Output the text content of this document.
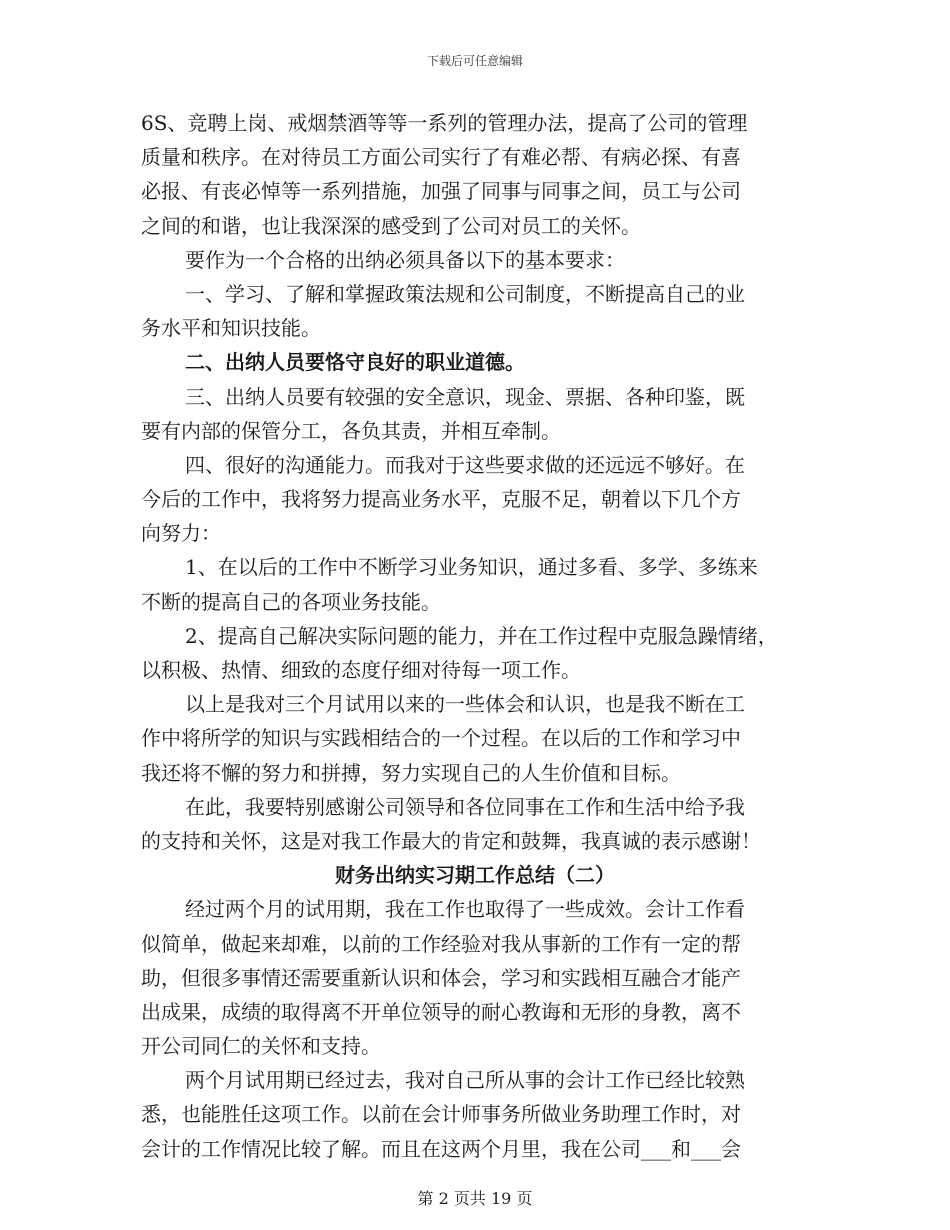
下载后可任意编辑
6S、竞聘上岗、戒烟禁酒等等一系列的管理办法，提高了公司的管理
质量和秩序。在对待员工方面公司实行了有难必帮、有病必探、有喜
必报、有丧必悼等一系列措施，加强了同事与同事之间，员工与公司
之间的和谐，也让我深深的感受到了公司对员工的关怀。
要作为一个合格的出纳必须具备以下的基本要求：
一、学习、了解和掌握政策法规和公司制度，不断提高自己的业
务水平和知识技能。
二、出纳人员要恪守良好的职业道德。
三、出纳人员要有较强的安全意识，现金、票据、各种印鉴，既
要有内部的保管分工，各负其责，并相互牵制。
四、很好的沟通能力。而我对于这些要求做的还远远不够好。在
今后的工作中，我将努力提高业务水平，克服不足，朝着以下几个方
向努力：
1、在以后的工作中不断学习业务知识，通过多看、多学、多练来
不断的提高自己的各项业务技能。
2、提高自己解决实际问题的能力，并在工作过程中克服急躁情绪，
以积极、热情、细致的态度仔细对待每一项工作。
以上是我对三个月试用以来的一些体会和认识，也是我不断在工
作中将所学的知识与实践相结合的一个过程。在以后的工作和学习中
我还将不懈的努力和拼搏，努力实现自己的人生价值和目标。
在此，我要特别感谢公司领导和各位同事在工作和生活中给予我
的支持和关怀，这是对我工作最大的肯定和鼓舞，我真诚的表示感谢！
财务出纳实习期工作总结（二）
经过两个月的试用期，我在工作也取得了一些成效。会计工作看
似简单，做起来却难，以前的工作经验对我从事新的工作有一定的帮
助，但很多事情还需要重新认识和体会，学习和实践相互融合才能产
出成果，成绩的取得离不开单位领导的耐心教诲和无形的身教，离不
开公司同仁的关怀和支持。
两个月试用期已经过去，我对自己所从事的会计工作已经比较熟
悉，也能胜任这项工作。以前在会计师事务所做业务助理工作时，对
会计的工作情况比较了解。而且在这两个月里，我在公司___和___会
第 2 页共 19 页
